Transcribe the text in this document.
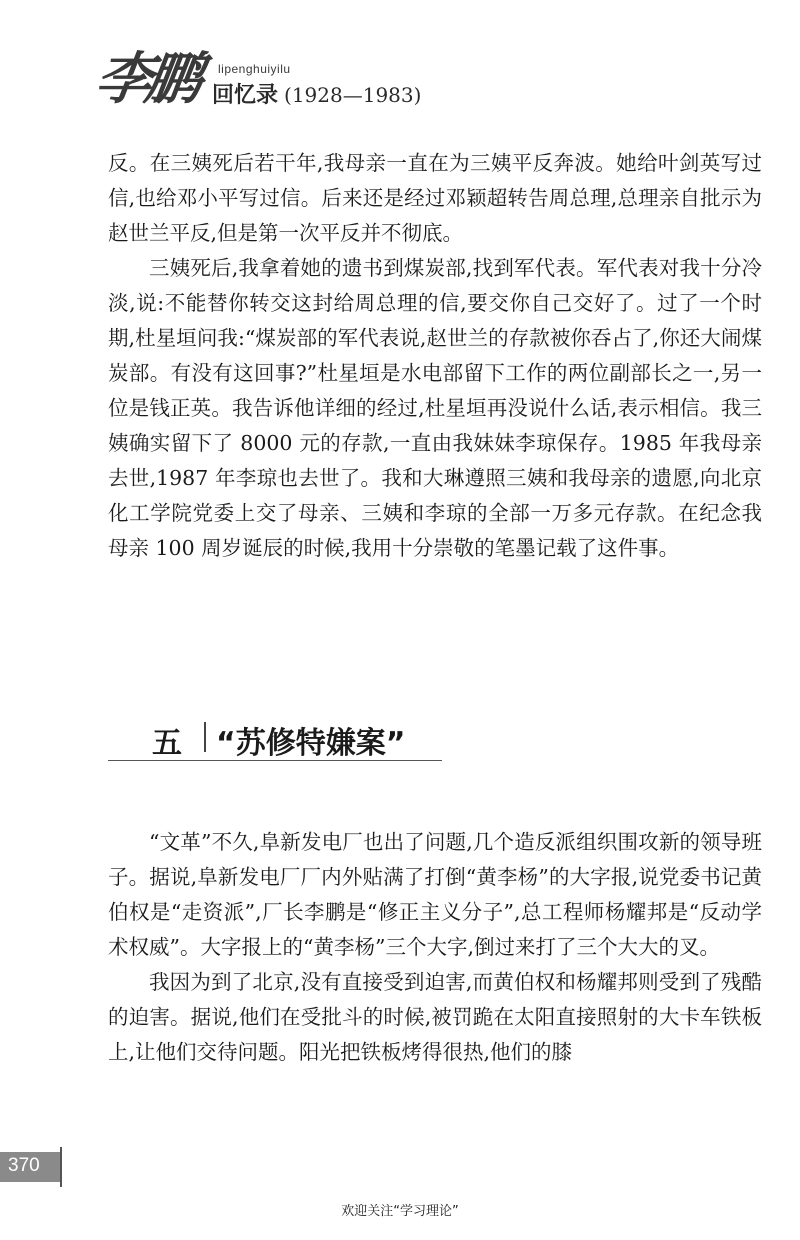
李鹏 lipenghuiyilu
回忆录 (1928—1983)

反。在三姨死后若干年,我母亲一直在为三姨平反奔波。她给叶剑英写过信,也给邓小平写过信。后来还是经过邓颖超转告周总理,总理亲自批示为赵世兰平反,但是第一次平反并不彻底。

三姨死后,我拿着她的遗书到煤炭部,找到军代表。军代表对我十分冷淡,说:不能替你转交这封给周总理的信,要交你自己交好了。过了一个时期,杜星垣问我:“煤炭部的军代表说,赵世兰的存款被你吞占了,你还大闹煤炭部。有没有这回事?”杜星垣是水电部留下工作的两位副部长之一,另一位是钱正英。我告诉他详细的经过,杜星垣再没说什么话,表示相信。我三姨确实留下了 8000 元的存款,一直由我妹妹李琼保存。1985 年我母亲去世,1987 年李琼也去世了。我和大琳遵照三姨和我母亲的遗愿,向北京化工学院党委上交了母亲、三姨和李琼的全部一万多元存款。在纪念我母亲 100 周岁诞辰的时候,我用十分崇敬的笔墨记载了这件事。

五 “苏修特嫌案”

“文革”不久,阜新发电厂也出了问题,几个造反派组织围攻新的领导班子。据说,阜新发电厂厂内外贴满了打倒“黄李杨”的大字报,说党委书记黄伯权是“走资派”,厂长李鹏是“修正主义分子”,总工程师杨耀邦是“反动学术权威”。大字报上的“黄李杨”三个大字,倒过来打了三个大大的叉。

我因为到了北京,没有直接受到迫害,而黄伯权和杨耀邦则受到了残酷的迫害。据说,他们在受批斗的时候,被罚跪在太阳直接照射的大卡车铁板上,让他们交待问题。阳光把铁板烤得很热,他们的膝

370
欢迎关注“学习理论”
